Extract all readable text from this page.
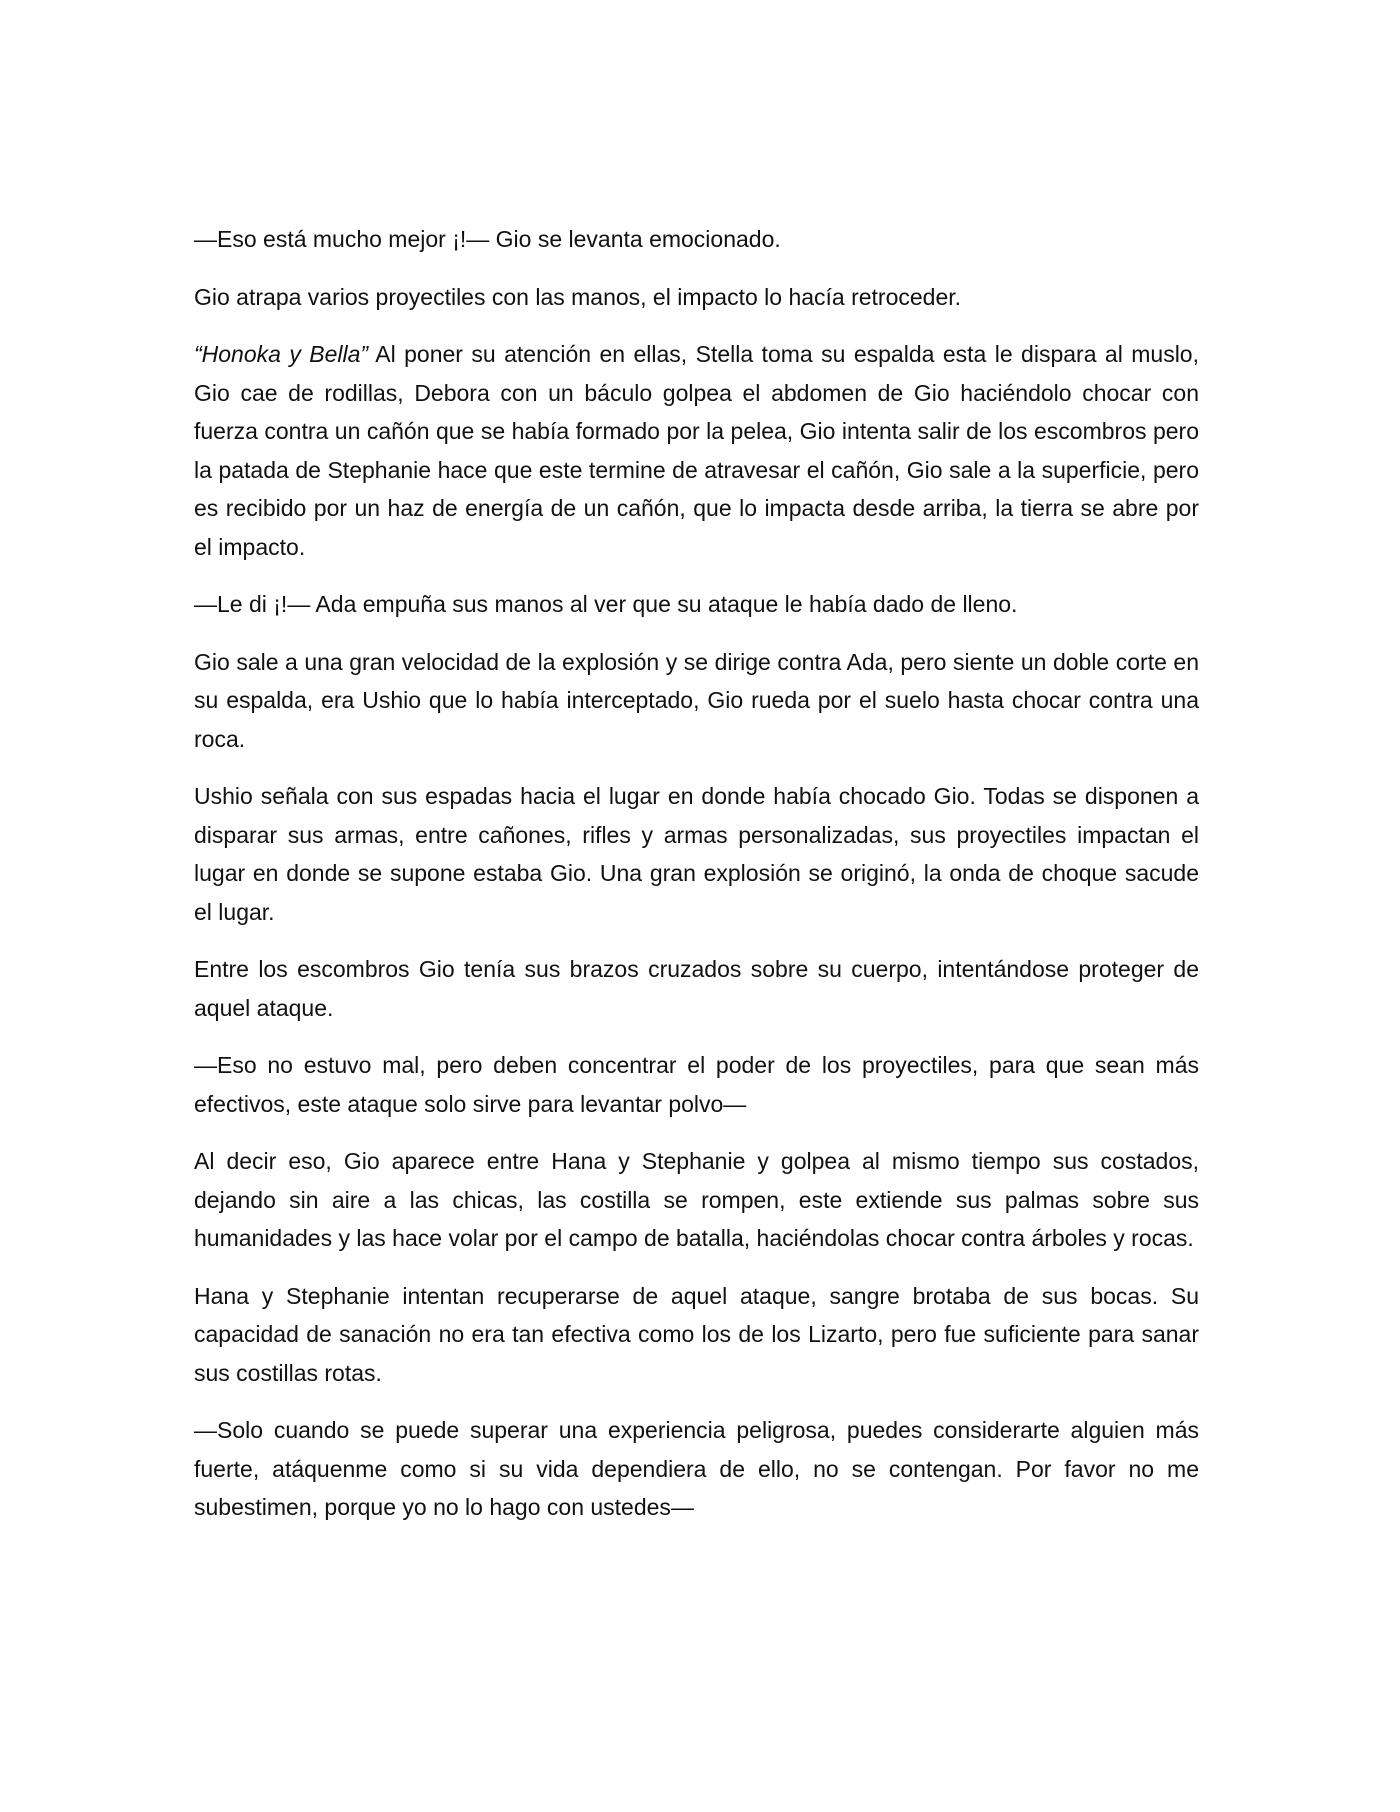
—Eso está mucho mejor ¡!— Gio se levanta emocionado.

Gio atrapa varios proyectiles con las manos, el impacto lo hacía retroceder.

“Honoka y Bella” Al poner su atención en ellas, Stella toma su espalda esta le dispara al muslo, Gio cae de rodillas, Debora con un báculo golpea el abdomen de Gio haciéndolo chocar con fuerza contra un cañón que se había formado por la pelea, Gio intenta salir de los escombros pero la patada de Stephanie hace que este termine de atravesar el cañón, Gio sale a la superficie, pero es recibido por un haz de energía de un cañón, que lo impacta desde arriba, la tierra se abre por el impacto.

—Le di ¡!— Ada empuña sus manos al ver que su ataque le había dado de lleno.

Gio sale a una gran velocidad de la explosión y se dirige contra Ada, pero siente un doble corte en su espalda, era Ushio que lo había interceptado, Gio rueda por el suelo hasta chocar contra una roca.

Ushio señala con sus espadas hacia el lugar en donde había chocado Gio. Todas se disponen a disparar sus armas, entre cañones, rifles y armas personalizadas, sus proyectiles impactan el lugar en donde se supone estaba Gio. Una gran explosión se originó, la onda de choque sacude el lugar.

Entre los escombros Gio tenía sus brazos cruzados sobre su cuerpo, intentándose proteger de aquel ataque.

—Eso no estuvo mal, pero deben concentrar el poder de los proyectiles, para que sean más efectivos, este ataque solo sirve para levantar polvo—

Al decir eso, Gio aparece entre Hana y Stephanie y golpea al mismo tiempo sus costados, dejando sin aire a las chicas, las costilla se rompen, este extiende sus palmas sobre sus humanidades y las hace volar por el campo de batalla, haciéndolas chocar contra árboles y rocas.

Hana y Stephanie intentan recuperarse de aquel ataque, sangre brotaba de sus bocas. Su capacidad de sanación no era tan efectiva como los de los Lizarto, pero fue suficiente para sanar sus costillas rotas.

—Solo cuando se puede superar una experiencia peligrosa, puedes considerarte alguien más fuerte, atáquenme como si su vida dependiera de ello, no se contengan. Por favor no me subestimen, porque yo no lo hago con ustedes—
